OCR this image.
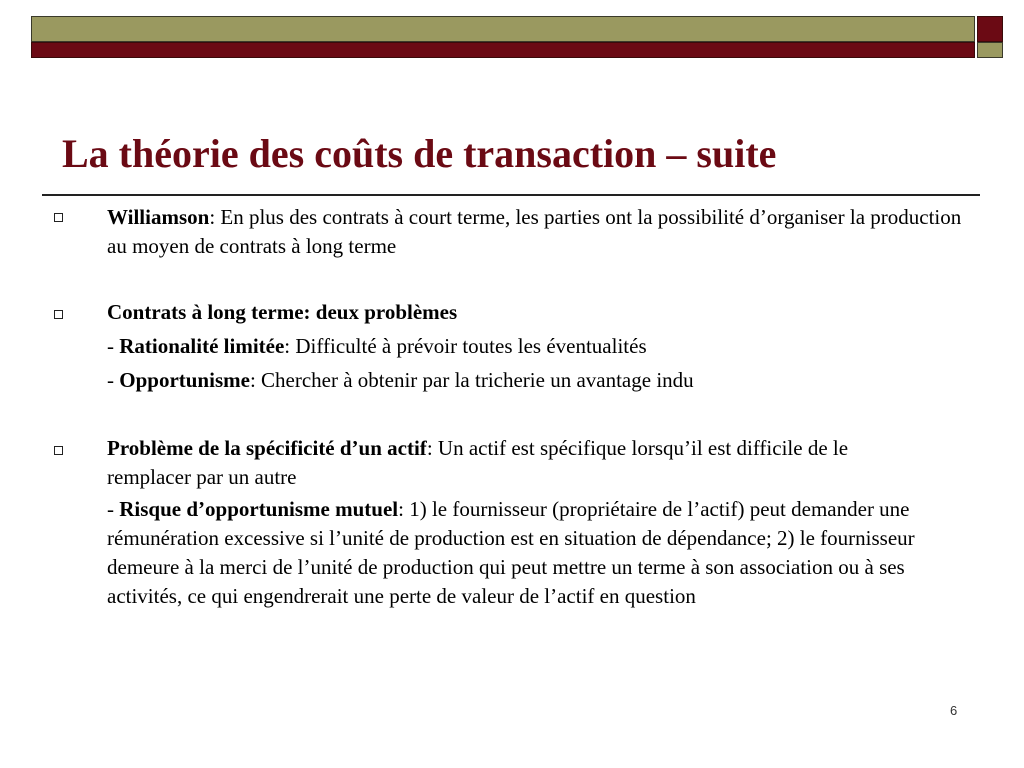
La théorie des coûts de transaction – suite
Williamson: En plus des contrats à court terme, les parties ont la possibilité d’organiser la production au moyen de contrats à long terme
Contrats à long terme: deux problèmes
- Rationalité limitée: Difficulté à prévoir toutes les éventualités
- Opportunisme: Chercher à obtenir par la tricherie un avantage indu
Problème de la spécificité d’un actif: Un actif est spécifique lorsqu’il est difficile de le remplacer par un autre
- Risque d’opportunisme mutuel: 1) le fournisseur (propriétaire de l’actif) peut demander une rémunération excessive si l’unité de production est en situation de dépendance; 2) le fournisseur demeure à la merci de l’unité de production qui peut mettre un terme à son association ou à ses activités, ce qui engendrerait une perte de valeur de l’actif en question
6
